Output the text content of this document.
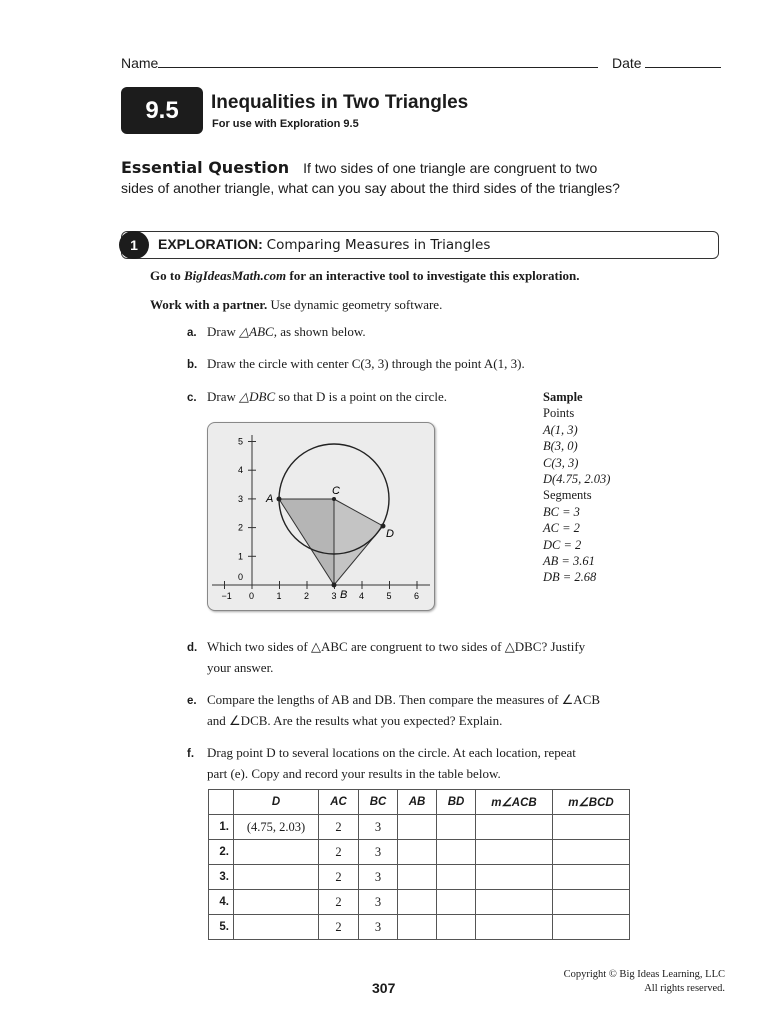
Name	Date
9.5	Inequalities in Two Triangles
For use with Exploration 9.5
Essential Question If two sides of one triangle are congruent to two sides of another triangle, what can you say about the third sides of the triangles?
1	EXPLORATION: Comparing Measures in Triangles
Go to BigIdeasMath.com for an interactive tool to investigate this exploration.
Work with a partner. Use dynamic geometry software.
a. Draw △ABC, as shown below.
b. Draw the circle with center C(3, 3) through the point A(1, 3).
c. Draw △DBC so that D is a point on the circle.	Sample
Points
A(1, 3)
B(3, 0)
C(3, 3)
D(4.75, 2.03)
Segments
BC = 3
AC = 2
DC = 2
AB = 3.61
DB = 2.68
−1 0 1 2 3 4 5 6
0
1
2
3
4
5
A
B
C
D
d. Which two sides of △ABC are congruent to two sides of △DBC? Justify
your answer.
e. Compare the lengths of AB and DB. Then compare the measures of ∠ACB
and ∠DCB. Are the results what you expected? Explain.
f. Drag point D to several locations on the circle. At each location, repeat
part (e). Copy and record your results in the table below.
	D	AC	BC	AB	BD	m∠ACB	m∠BCD
1.	(4.75, 2.03)	2	3				
2.		2	3				
3.		2	3				
4.		2	3				
5.		2	3				
307
Copyright © Big Ideas Learning, LLC
All rights reserved.
